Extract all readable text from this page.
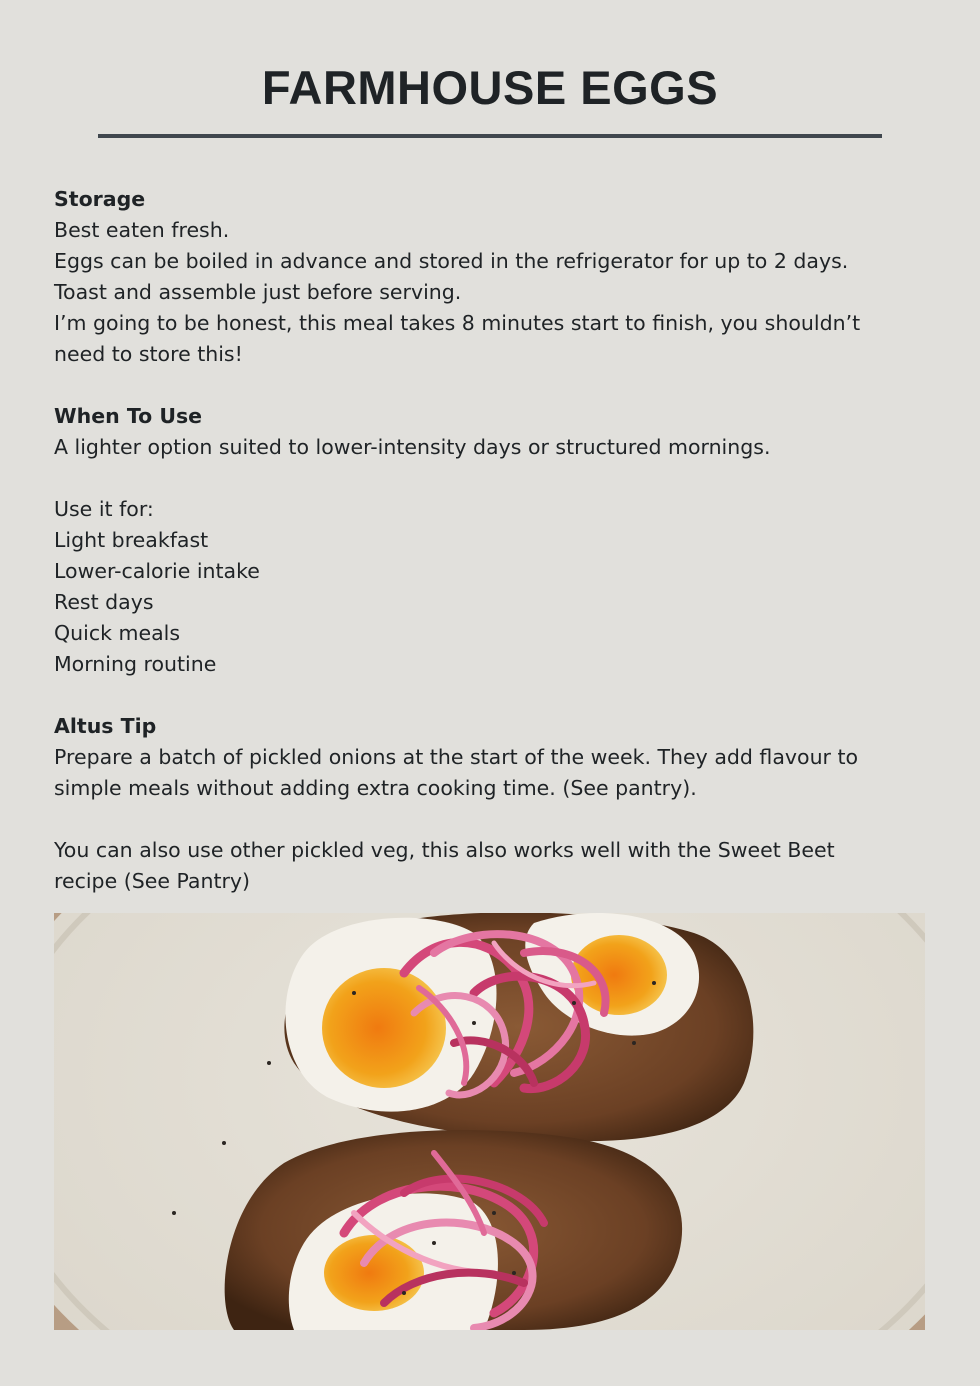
FARMHOUSE EGGS
Storage
Best eaten fresh.
Eggs can be boiled in advance and stored in the refrigerator for up to 2 days.
Toast and assemble just before serving.
I’m going to be honest, this meal takes 8 minutes start to finish, you shouldn’t
need to store this!
When To Use
A lighter option suited to lower-intensity days or structured mornings.
Use it for:
Light breakfast
Lower-calorie intake
Rest days
Quick meals
Morning routine
Altus Tip
Prepare a batch of pickled onions at the start of the week. They add flavour to
simple meals without adding extra cooking time. (See pantry).
You can also use other pickled veg, this also works well with the Sweet Beet
recipe (See Pantry)
